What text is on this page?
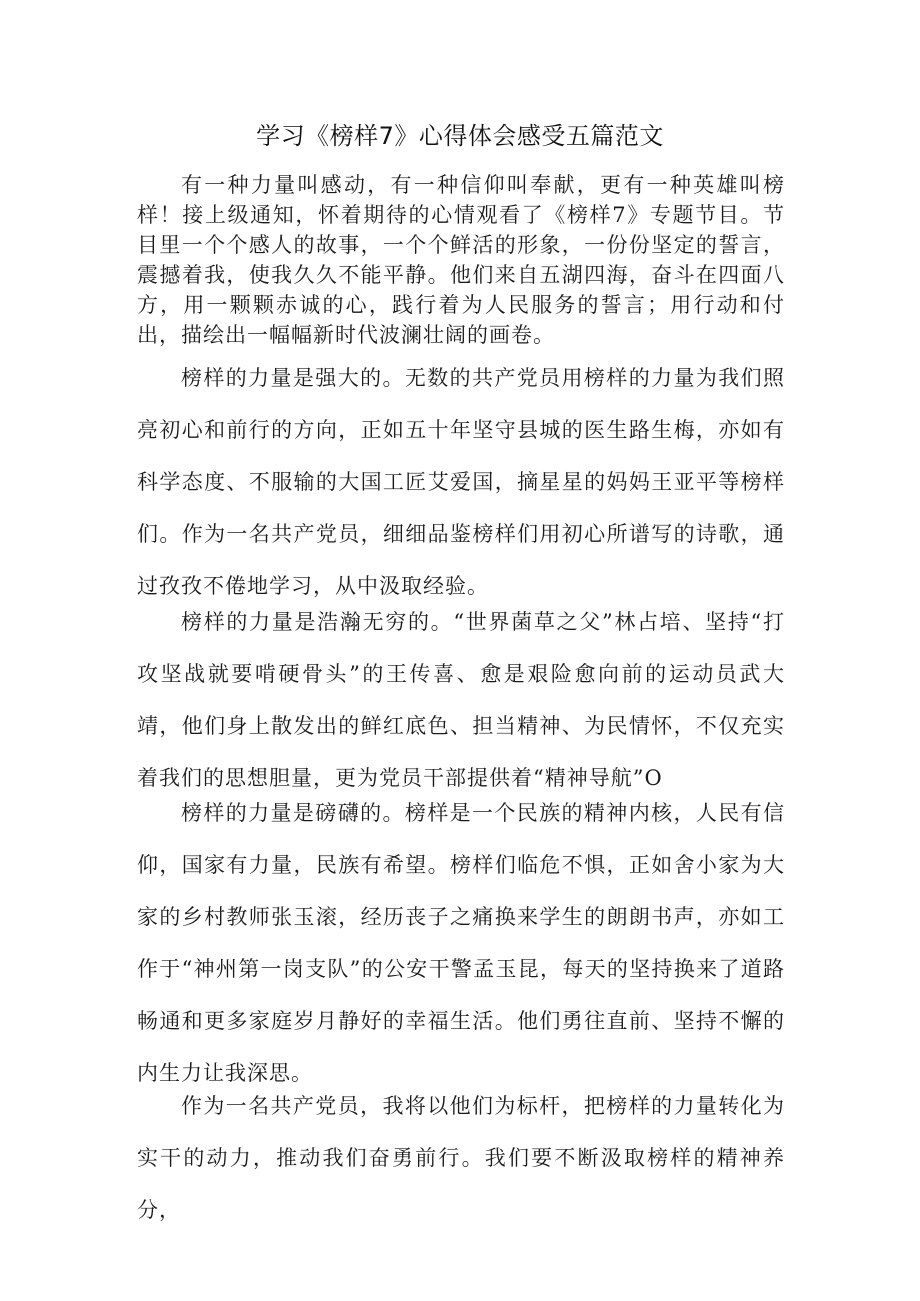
学习《榜样7》心得体会感受五篇范文

有一种力量叫感动，有一种信仰叫奉献，更有一种英雄叫榜样！接上级通知，怀着期待的心情观看了《榜样7》专题节目。节目里一个个感人的故事，一个个鲜活的形象，一份份坚定的誓言，震撼着我，使我久久不能平静。他们来自五湖四海，奋斗在四面八方，用一颗颗赤诚的心，践行着为人民服务的誓言；用行动和付出，描绘出一幅幅新时代波澜壮阔的画卷。

榜样的力量是强大的。无数的共产党员用榜样的力量为我们照亮初心和前行的方向，正如五十年坚守县城的医生路生梅，亦如有科学态度、不服输的大国工匠艾爱国，摘星星的妈妈王亚平等榜样们。作为一名共产党员，细细品鉴榜样们用初心所谱写的诗歌，通过孜孜不倦地学习，从中汲取经验。

榜样的力量是浩瀚无穷的。“世界菌草之父”林占培、坚持“打攻坚战就要啃硬骨头”的王传喜、愈是艰险愈向前的运动员武大靖，他们身上散发出的鲜红底色、担当精神、为民情怀，不仅充实着我们的思想胆量，更为党员干部提供着“精神导航”O

榜样的力量是磅礴的。榜样是一个民族的精神内核，人民有信仰，国家有力量，民族有希望。榜样们临危不惧，正如舍小家为大家的乡村教师张玉滚，经历丧子之痛换来学生的朗朗书声，亦如工作于“神州第一岗支队”的公安干警孟玉昆，每天的坚持换来了道路畅通和更多家庭岁月静好的幸福生活。他们勇往直前、坚持不懈的内生力让我深思。

作为一名共产党员，我将以他们为标杆，把榜样的力量转化为实干的动力，推动我们奋勇前行。我们要不断汲取榜样的精神养分，
